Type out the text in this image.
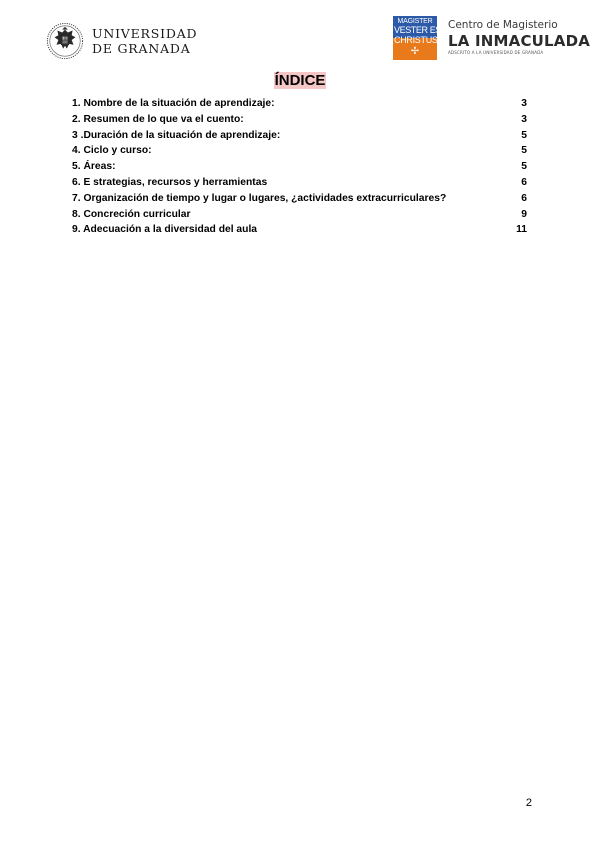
UNIVERSIDAD
DE GRANADA
MAGISTER
VESTER EST
CHRISTUS
✢
Centro de Magisterio
LA INMACULADA
ADSCRITO A LA UNIVERSIDAD DE GRANADA
ÍNDICE
1. Nombre de la situación de aprendizaje:	3
2. Resumen de lo que va el cuento:	3
3 .Duración de la situación de aprendizaje:	5
4. Ciclo y curso:	5
5. Áreas:	5
6. E strategias, recursos y herramientas	6
7. Organización de tiempo y lugar o lugares, ¿actividades extracurriculares?	6
8. Concreción curricular	9
9. Adecuación a la diversidad del aula	11
2
